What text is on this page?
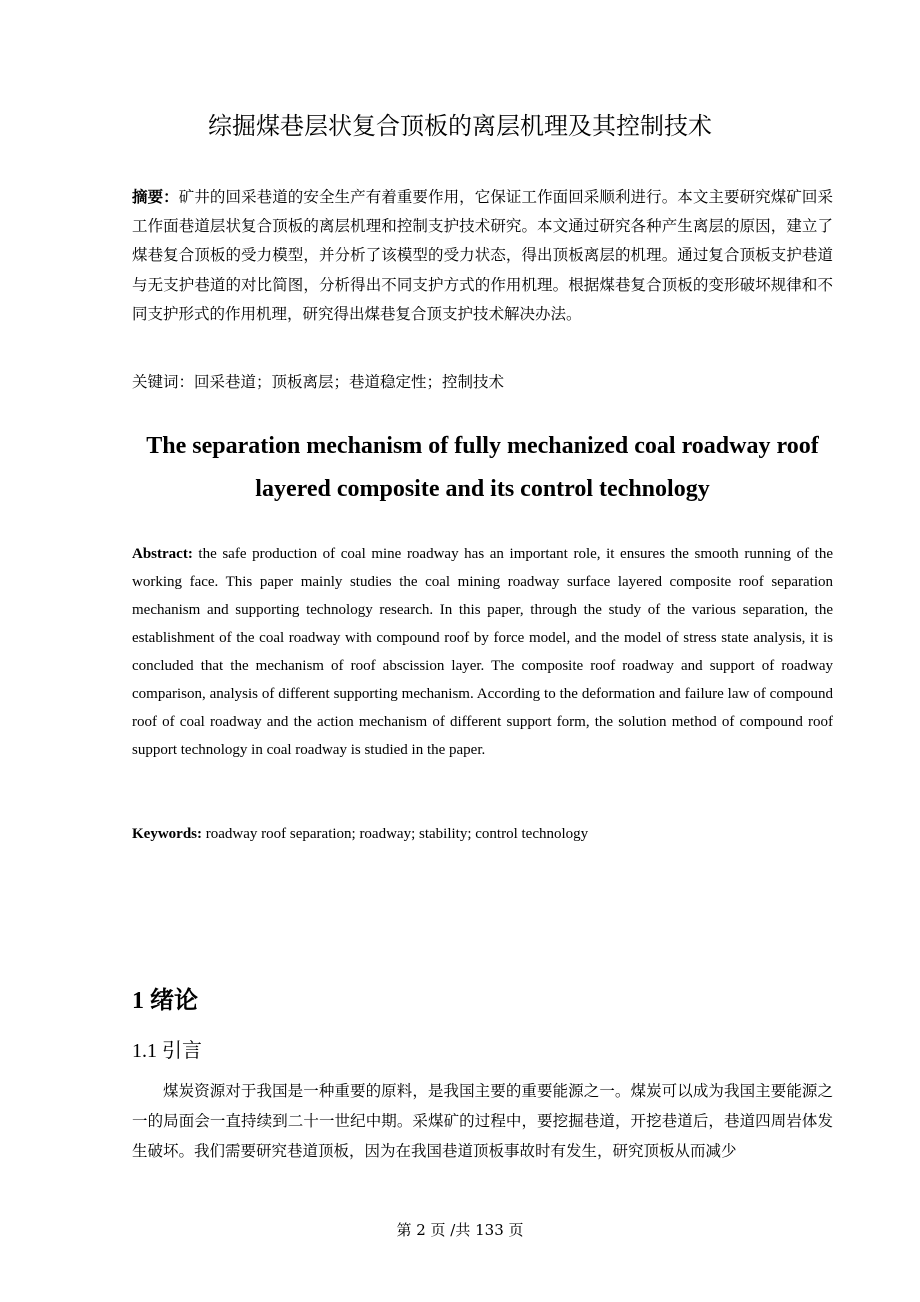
综掘煤巷层状复合顶板的离层机理及其控制技术

摘要：矿井的回采巷道的安全生产有着重要作用，它保证工作面回采顺利进行。本文主要研究煤矿回采工作面巷道层状复合顶板的离层机理和控制支护技术研究。本文通过研究各种产生离层的原因，建立了煤巷复合顶板的受力模型，并分析了该模型的受力状态，得出顶板离层的机理。通过复合顶板支护巷道与无支护巷道的对比简图，分析得出不同支护方式的作用机理。根据煤巷复合顶板的变形破坏规律和不同支护形式的作用机理，研究得出煤巷复合顶支护技术解决办法。

关键词：回采巷道；顶板离层；巷道稳定性；控制技术

The separation mechanism of fully mechanized coal roadway roof layered composite and its control technology

Abstract: the safe production of coal mine roadway has an important role, it ensures the smooth running of the working face. This paper mainly studies the coal mining roadway surface layered composite roof separation mechanism and supporting technology research. In this paper, through the study of the various separation, the establishment of the coal roadway with compound roof by force model, and the model of stress state analysis, it is concluded that the mechanism of roof abscission layer. The composite roof roadway and support of roadway comparison, analysis of different supporting mechanism. According to the deformation and failure law of compound roof of coal roadway and the action mechanism of different support form, the solution method of compound roof support technology in coal roadway is studied in the paper.

Keywords: roadway roof separation; roadway; stability; control technology

1 绪论
1.1 引言

煤炭资源对于我国是一种重要的原料，是我国主要的重要能源之一。煤炭可以成为我国主要能源之一的局面会一直持续到二十一世纪中期。采煤矿的过程中，要挖掘巷道，开挖巷道后，巷道四周岩体发生破坏。我们需要研究巷道顶板，因为在我国巷道顶板事故时有发生，研究顶板从而减少

第 2 页 /共 133 页
